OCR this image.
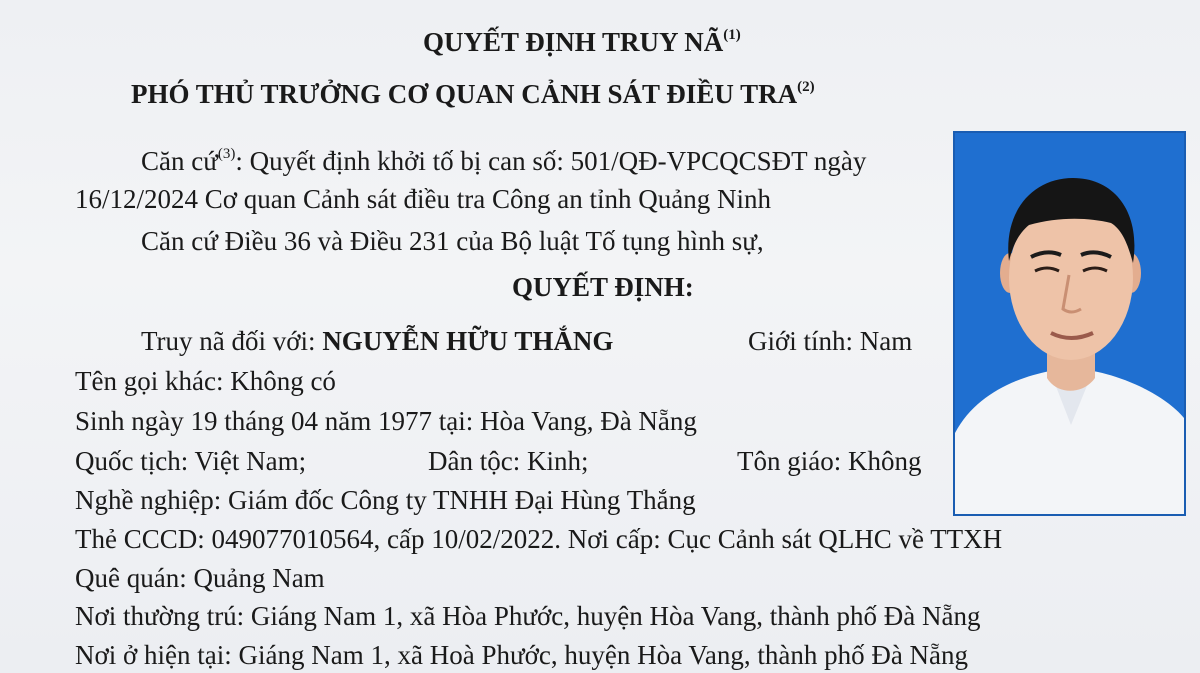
QUYẾT ĐỊNH TRUY NÃ$^{(1)}$
PHÓ THỦ TRƯỞNG CƠ QUAN CẢNH SÁT ĐIỀU TRA$^{(2)}$
Căn cứ$^{(3)}$: Quyết định khởi tố bị can số: 501/QĐ-VPCQCSĐT ngày
16/12/2024 Cơ quan Cảnh sát điều tra Công an tỉnh Quảng Ninh
Căn cứ Điều 36 và Điều 231 của Bộ luật Tố tụng hình sự,
QUYẾT ĐỊNH:
Truy nã đối với: NGUYỄN HỮU THẮNG	Giới tính: Nam
Tên gọi khác: Không có
Sinh ngày 19 tháng 04 năm 1977 tại: Hòa Vang, Đà Nẵng
Quốc tịch: Việt Nam;	Dân tộc: Kinh;	Tôn giáo: Không
Nghề nghiệp: Giám đốc Công ty TNHH Đại Hùng Thắng
Thẻ CCCD: 049077010564, cấp 10/02/2022. Nơi cấp: Cục Cảnh sát QLHC về TTXH
Quê quán: Quảng Nam
Nơi thường trú: Giáng Nam 1, xã Hòa Phước, huyện Hòa Vang, thành phố Đà Nẵng
Nơi ở hiện tại: Giáng Nam 1, xã Hoà Phước, huyện Hòa Vang, thành phố Đà Nẵng
